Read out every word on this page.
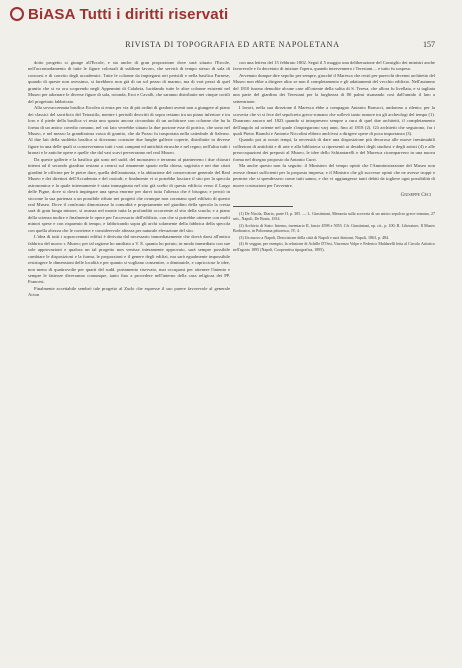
BiASA Tutti i diritti riservati
RIVISTA DI TOPOGRAFIA ED ARTE NAPOLETANA	157

dotto progetto si giunge all'Ercole, e sia anche di gran proporzione dove sarà situato l'Ercole, nell'accomodamento di tutte le figure colossali di sublime lavoro, che servirà di tempo stesso di sala di concorsi e di convito degli accademici. Tutte le colonne da impiegarsi nei peristili e nella basilica Farnese, quando di queste non avessimo, si farebbero non già di un sol pezzo di marmo, ma di vari pezzi di quel granito che si va ora scoprendo negli Appennini di Calabria, lucidando tutte le altre colonne esistenti nel Museo per adornare le diverse figure di sala, rotonda, Eroi e Cavalli, che saranno distribuite nei cinque cortili del progettato fabbricato.

Alla sovraccennata basilica Ercolea si entra per via di più ordini di gradoni aventi non a giungere al piano dei classici del sacrificio del Tetrastilo, mentre i peristili descritti di sopra restano tra un piano inferiore e tra loro e il piede della basilica vi resta uno spazio ancora circondato di un architrave con colonne che ha la forma di un antico cavedio romano, nel cui lato verrebbe situato la due portone esse di portico, che sono nel Museo, e nel mezzo la grandissima vasca di granito, che da Pozzo fu trasportata nella cattedrale di Salerno. Al due lati della suddetta basilica si dovranno costruire due lunghe gallerie coperte, distribuite in diverse figure in una delle quali si conserveranno tutti i vasi campani ed antichità etrusche e nel regno; nell'altra tutti i bronzi e le antiche opere e quelle che dal vari scavi perverranno nel real Museo.

Da queste gallerie e la basilica già sono nel sudd. del monastero e terranno al pianterreno i due chiostri interni ad il secondo giardino restano a crearsi sul rimanente spazio nella chiesa, sagristia e nei due citati giardini le officine per le pietre dure, quella dell'anatomia, e la abitazione del conservatore generale del Real Museo e dei direttori dell'Accademia e del custodi; e finalmente vi si potrebbe lasciare il sito per la specola astronomica e la quale internamente è stata immaginata nel sito già scelto di questo edificio verso il Largo delle Pigne, dove si dovrà impiegare una spesa enorme per darvi tutta l'altezza che è bisogna; e perciò in siccome la sua partenza a un possibile rifiuto nei progetti che ovunque non coronano quel edifizio di questo real Museo. Dove il confronto dimostrasse la comodità e propriamente nel giardino della specola la cresta sarà di gran lunga minore, si avanza nel monte tutta la profondità occorrente al sito della scuola; e a piano della scienza inoltre e finalmente le opere per l'accessorio dell'edifizio, con che si potrebbe ottenere con molti minori spese e con risparmio di tempo, e fabbricando sopra gli archi solamente della fabbrica della specola con quella altezza che le conviene e considerevole altezza per naturale elevazione del sito.

L'idea di tutti i sopraccennati edifizi è derivata dal necessario immediatamente che dovrà darsi all'antica fabbrica del nuovo r. Museo; per tal ragione ho umiliato a V. E. quanto ho potuto, in modo immediato con sue sole approvazioni e qualora un tal progetto non venisse interamente approvato, sarà sempre possibile cambiare le disposizioni e la forma, le proporzioni e il genere degli edifizi, ma sarà egualmente impossibile restringere le dimensioni delle località e per quanto si vogliano consentire, o diminuirle, e capricciose le idee, non meno di quattrovolte per quarti del sudd. portamento riservato, mai occuparsi per ottenere l'intento e sempre le fattezze diverranno comunque, tanto fino a procedere nell'interno della casa religiosa dei PP. Francesi.

Finalmente accettabile sembrò tale progetto al Zurlo che espresse il suo parere favorevole al generale Acton

con una lettera del 15 febbraio 1802. Seguì il 5 maggio una deliberazione del Consiglio dei ministri anche favorevole e fu decretato di iniziare l'opera, quando intervennero i Teresiani.... e tutto fu sospeso.

Avvenuto dunque dire sepolto per sempre, giacchè il Maresca che restò per parecchi decenni architetto del Museo non ebbe a dirigere altro se non il completamento e gli adattamenti del vecchio edifizio. Nell'autunno del 1810 furono demolite alcune case all'oriente della salita di S. Teresa, che allora fu livellata, e si tagliata una parte del giardino dei Teresiani per la larghezza di 80 palmi risanando così dall'umido il lato a settentrione.

I lavori, nella sua direzione il Maresca ebbe a compagno Antonio Bonucci, andarono a rilento; per la scoverta che vi si fece del sepolcreto greco-romano che sollevò tanto rumore tra gli archeologi del tempo (1). Durarono ancora nel 1823 quando si intrapresero sempre a cura di quel due architetti, il completamento dell'angolo ad oriente nel quale s'impiegarono varj anni, fino al 1818 (2). Gli architetti che seguirono, fra i quali Pietro Bianchi e Antonio Niccolini ebbero anch'essi a dirigere opere di poca importanza (3).

Quando poi ai nostri tempi, la necessità di dare una disposizione più decorosa alle nuove inestimabili collezioni di antichità e di arte e alla biblioteca si ripresentò ai desideri degli studiosi e degli artisti (4) e alle preoccupazioni dei preposti al Museo, le idee dello Schiantarelli e del Maresca ricomparvero in una nuova forma nel disegno proposto da Antonio Curri.

Ma anche questo non fu seguito: il Ministero del tempo opinò che l'Amministrazione del Museo non avesse denari sufficienti per la proposta impresa; e il Ministro che gli successe opinò che ne avesse troppi e permise che si spendessero come tutti sanno, e che vi aggiungesse tanti debiti da togliere ogni possibilità di nuove costruzioni per l'avvenire.

Giuseppe Ceci

(1) De Nicola, Diario, parte II, p. 305. — L. Giustiniani, Memoria sulla scoverta di un antico sepolcro greco-romano, 27 sett., Napoli, De Bonis, 1814.

(2) Archivio di Stato: Interno, inventario II, fascio 4598 e 5053. Cfr. Giustiniani, op. cit., p. 100; R. Liberatore, Il Museo Borbonico, in Poliorama pittoresco, IV, 4.

(3) Un nuovo a Napoli, Descrizione della città di Napoli e suoi dintorni, Napoli, 1863, p. 484.

(4) Si veggan, per esempio, la relazione di Achille D'Orsi, Vincenzo Volpe e Federico Maldarelli letta al Circolo Artistico nell'agosto 1895 (Napoli, Cooperativa tipografica, 1895).
